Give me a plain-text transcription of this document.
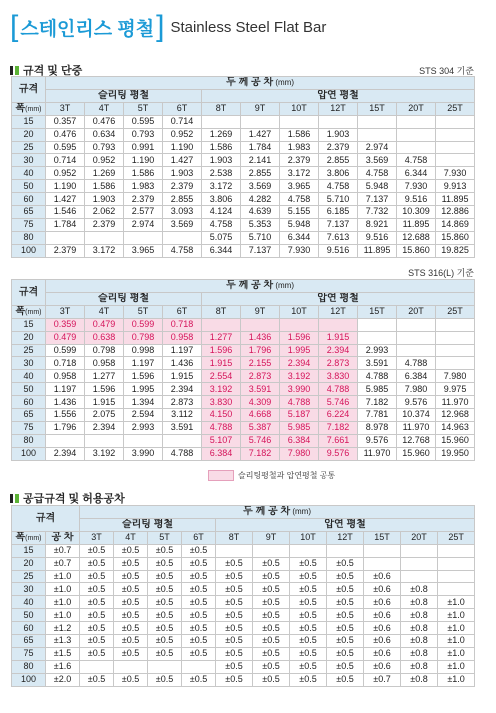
[ 스테인리스 평철 ] Stainless Steel Flat Bar
규격 및 단중	STS 304 기준
규격	두 께 공 차 (mm)										
	슬리팅 평철				압연 평철						
폭(mm)	3T	4T	5T	6T	8T	9T	10T	12T	15T	20T	25T
15	0.357	0.476	0.595	0.714							
20	0.476	0.634	0.793	0.952	1.269	1.427	1.586	1.903			
25	0.595	0.793	0.991	1.190	1.586	1.784	1.983	2.379	2.974		
30	0.714	0.952	1.190	1.427	1.903	2.141	2.379	2.855	3.569	4.758	
40	0.952	1.269	1.586	1.903	2.538	2.855	3.172	3.806	4.758	6.344	7.930
50	1.190	1.586	1.983	2.379	3.172	3.569	3.965	4.758	5.948	7.930	9.913
60	1.427	1.903	2.379	2.855	3.806	4.282	4.758	5.710	7.137	9.516	11.895
65	1.546	2.062	2.577	3.093	4.124	4.639	5.155	6.185	7.732	10.309	12.886
75	1.784	2.379	2.974	3.569	4.758	5.353	5.948	7.137	8.921	11.895	14.869
80					5.075	5.710	6.344	7.613	9.516	12.688	15.860
100	2.379	3.172	3.965	4.758	6.344	7.137	7.930	9.516	11.895	15.860	19.825
STS 316(L) 기준
규격	두 께 공 차 (mm)										
	슬리팅 평철				압연 평철						
폭(mm)	3T	4T	5T	6T	8T	9T	10T	12T	15T	20T	25T
15	0.359	0.479	0.599	0.718							
20	0.479	0.638	0.798	0.958	1.277	1.436	1.596	1.915			
25	0.599	0.798	0.998	1.197	1.596	1.796	1.995	2.394	2.993		
30	0.718	0.958	1.197	1.436	1.915	2.155	2.394	2.873	3.591	4.788	
40	0.958	1.277	1.596	1.915	2.554	2.873	3.192	3.830	4.788	6.384	7.980
50	1.197	1.596	1.995	2.394	3.192	3.591	3.990	4.788	5.985	7.980	9.975
60	1.436	1.915	1.394	2.873	3.830	4.309	4.788	5.746	7.182	9.576	11.970
65	1.556	2.075	2.594	3.112	4.150	4.668	5.187	6.224	7.781	10.374	12.968
75	1.796	2.394	2.993	3.591	4.788	5.387	5.985	7.182	8.978	11.970	14.963
80					5.107	5.746	6.384	7.661	9.576	12.768	15.960
100	2.394	3.192	3.990	4.788	6.384	7.182	7.980	9.576	11.970	15.960	19.950
슬리팅평철과 압연평철 공통
공급규격 및 허용공차
규격		두 께 공 차 (mm)										
		슬리팅 평철				압연 평철						
폭(mm)	공 차	3T	4T	5T	6T	8T	9T	10T	12T	15T	20T	25T
15	±0.7	±0.5	±0.5	±0.5	±0.5							
20	±0.7	±0.5	±0.5	±0.5	±0.5	±0.5	±0.5	±0.5	±0.5			
25	±1.0	±0.5	±0.5	±0.5	±0.5	±0.5	±0.5	±0.5	±0.5	±0.6		
30	±1.0	±0.5	±0.5	±0.5	±0.5	±0.5	±0.5	±0.5	±0.5	±0.6	±0.8	
40	±1.0	±0.5	±0.5	±0.5	±0.5	±0.5	±0.5	±0.5	±0.5	±0.6	±0.8	±1.0
50	±1.0	±0.5	±0.5	±0.5	±0.5	±0.5	±0.5	±0.5	±0.5	±0.6	±0.8	±1.0
60	±1.2	±0.5	±0.5	±0.5	±0.5	±0.5	±0.5	±0.5	±0.5	±0.6	±0.8	±1.0
65	±1.3	±0.5	±0.5	±0.5	±0.5	±0.5	±0.5	±0.5	±0.5	±0.6	±0.8	±1.0
75	±1.5	±0.5	±0.5	±0.5	±0.5	±0.5	±0.5	±0.5	±0.5	±0.6	±0.8	±1.0
80	±1.6					±0.5	±0.5	±0.5	±0.5	±0.6	±0.8	±1.0
100	±2.0	±0.5	±0.5	±0.5	±0.5	±0.5	±0.5	±0.5	±0.5	±0.7	±0.8	±1.0
